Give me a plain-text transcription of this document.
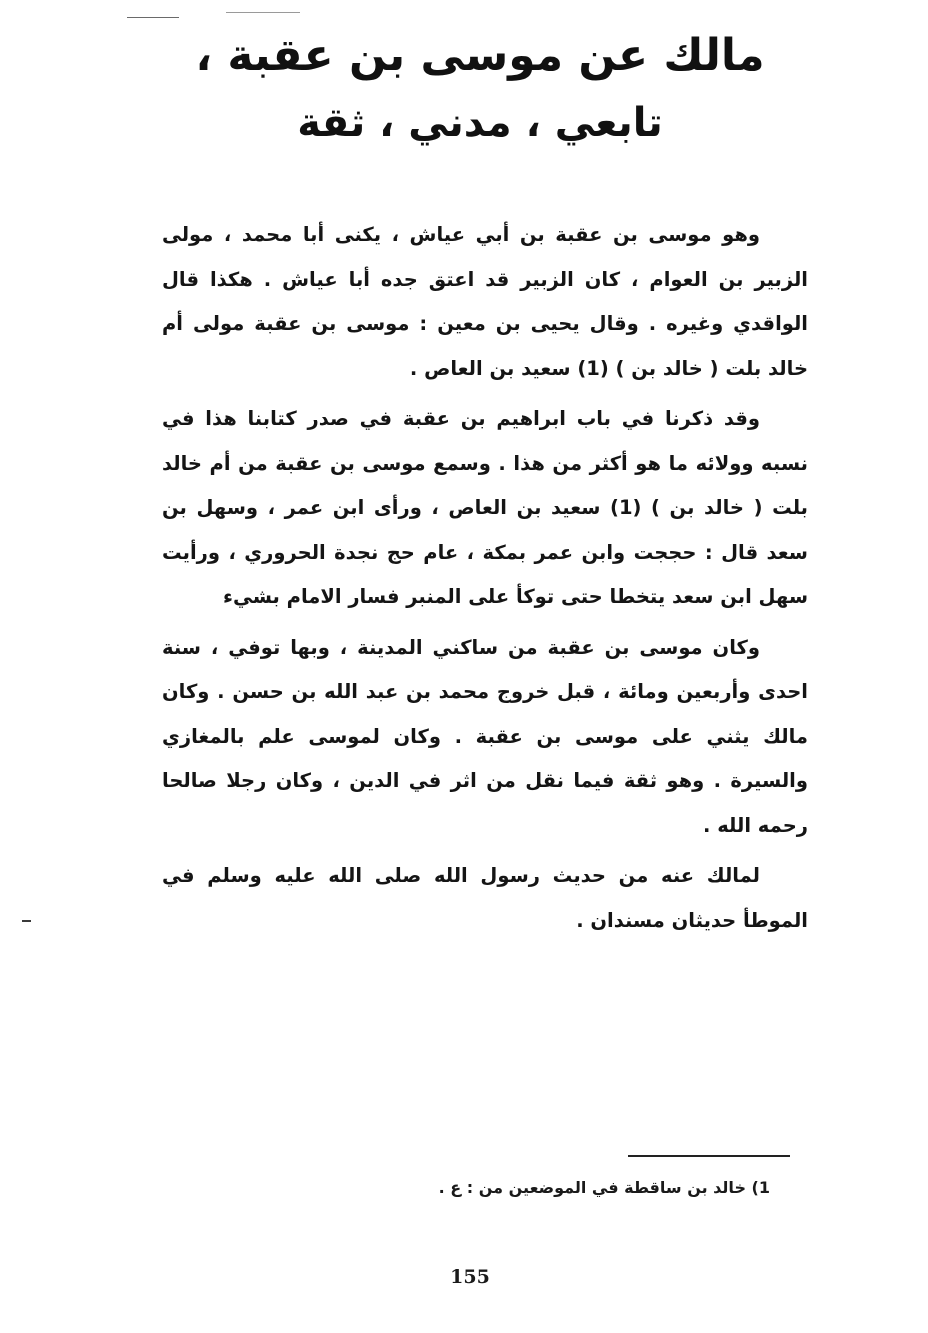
مالك عن موسى بن عقبة ،
تابعي ، مدني ، ثقة

وهو موسى بن عقبة بن أبي عياش ، يكنى أبا محمد ، مولى الزبير بن العوام ، كان الزبير قد اعتق جده أبا عياش . هكذا قال الواقدي وغيره . وقال يحيى بن معين : موسى بن عقبة مولى أم خالد بلت ( خالد بن ) (1) سعيد بن العاص .

وقد ذكرنا في باب ابراهيم بن عقبة في صدر كتابنا هذا في نسبه وولائه ما هو أكثر من هذا . وسمع موسى بن عقبة من أم خالد بلت ( خالد بن ) (1) سعيد بن العاص ، ورأى ابن عمر ، وسهل بن سعد قال : حججت وابن عمر بمكة ، عام حج نجدة الحروري ، ورأيت سهل ابن سعد يتخطا حتى توكأ على المنبر فسار الامام بشيء

وكان موسى بن عقبة من ساكني المدينة ، وبها توفي ، سنة احدى وأربعين ومائة ، قبل خروج محمد بن عبد الله بن حسن . وكان مالك يثني على موسى بن عقبة . وكان لموسى علم بالمغازي والسيرة . وهو ثقة فيما نقل من اثر في الدين ، وكان رجلا صالحا رحمه الله .

لمالك عنه من حديث رسول الله صلى الله عليه وسلم في الموطأ حديثان مسندان .

1) خالد بن ساقطة في الموضعين من : ع .
155
